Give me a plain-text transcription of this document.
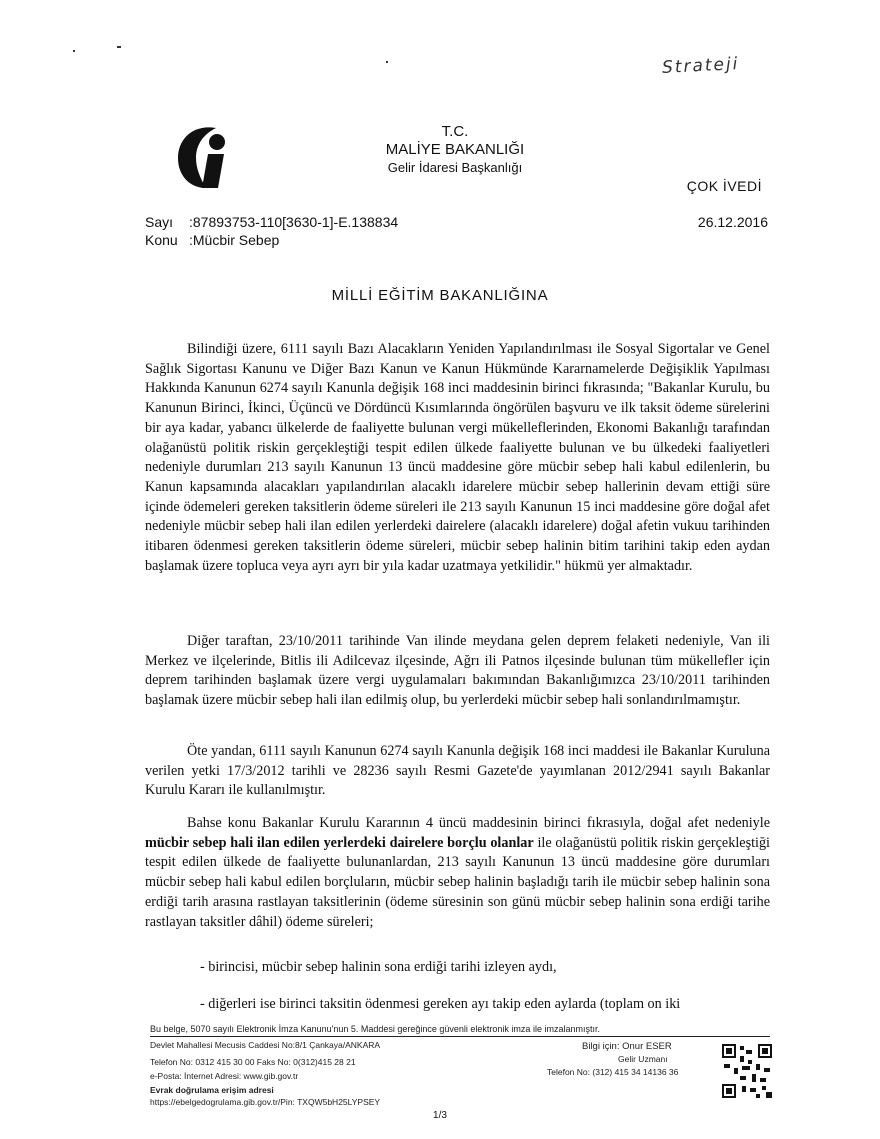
Strateji
T.C.
MALİYE BAKANLIĞI
Gelir İdaresi Başkanlığı
ÇOK İVEDİ
Sayı :87893753-110[3630-1]-E.138834
Konu :Mücbir Sebep
26.12.2016
MİLLİ EĞİTİM BAKANLIĞINA

Bilindiği üzere, 6111 sayılı Bazı Alacakların Yeniden Yapılandırılması ile Sosyal Sigortalar ve Genel Sağlık Sigortası Kanunu ve Diğer Bazı Kanun ve Kanun Hükmünde Kararnamelerde Değişiklik Yapılması Hakkında Kanunun 6274 sayılı Kanunla değişik 168 inci maddesinin birinci fıkrasında; "Bakanlar Kurulu, bu Kanunun Birinci, İkinci, Üçüncü ve Dördüncü Kısımlarında öngörülen başvuru ve ilk taksit ödeme sürelerini bir aya kadar, yabancı ülkelerde de faaliyette bulunan vergi mükelleflerinden, Ekonomi Bakanlığı tarafından olağanüstü politik riskin gerçekleştiği tespit edilen ülkede faaliyette bulunan ve bu ülkedeki faaliyetleri nedeniyle durumları 213 sayılı Kanunun 13 üncü maddesine göre mücbir sebep hali kabul edilenlerin, bu Kanun kapsamında alacakları yapılandırılan alacaklı idarelere mücbir sebep hallerinin devam ettiği süre içinde ödemeleri gereken taksitlerin ödeme süreleri ile 213 sayılı Kanunun 15 inci maddesine göre doğal afet nedeniyle mücbir sebep hali ilan edilen yerlerdeki dairelere (alacaklı idarelere) doğal afetin vukuu tarihinden itibaren ödenmesi gereken taksitlerin ödeme süreleri, mücbir sebep halinin bitim tarihini takip eden aydan başlamak üzere topluca veya ayrı ayrı bir yıla kadar uzatmaya yetkilidir." hükmü yer almaktadır.

Diğer taraftan, 23/10/2011 tarihinde Van ilinde meydana gelen deprem felaketi nedeniyle, Van ili Merkez ve ilçelerinde, Bitlis ili Adilcevaz ilçesinde, Ağrı ili Patnos ilçesinde bulunan tüm mükellefler için deprem tarihinden başlamak üzere vergi uygulamaları bakımından Bakanlığımızca 23/10/2011 tarihinden başlamak üzere mücbir sebep hali ilan edilmiş olup, bu yerlerdeki mücbir sebep hali sonlandırılmamıştır.

Öte yandan, 6111 sayılı Kanunun 6274 sayılı Kanunla değişik 168 inci maddesi ile Bakanlar Kuruluna verilen yetki 17/3/2012 tarihli ve 28236 sayılı Resmi Gazete'de yayımlanan 2012/2941 sayılı Bakanlar Kurulu Kararı ile kullanılmıştır.

Bahse konu Bakanlar Kurulu Kararının 4 üncü maddesinin birinci fıkrasıyla, doğal afet nedeniyle mücbir sebep hali ilan edilen yerlerdeki dairelere borçlu olanlar ile olağanüstü politik riskin gerçekleştiği tespit edilen ülkede de faaliyette bulunanlardan, 213 sayılı Kanunun 13 üncü maddesine göre durumları mücbir sebep hali kabul edilen borçluların, mücbir sebep halinin başladığı tarih ile mücbir sebep halinin sona erdiği tarih arasına rastlayan taksitlerinin (ödeme süresinin son günü mücbir sebep halinin sona erdiği tarihe rastlayan taksitler dâhil) ödeme süreleri;

- birincisi, mücbir sebep halinin sona erdiği tarihi izleyen aydı,
- diğerleri ise birinci taksitin ödenmesi gereken ayı takip eden aylarda (toplam on iki
Bu belge, 5070 sayılı Elektronik İmza Kanunu'nun 5. Maddesi gereğince güvenli elektronik imza ile imzalanmıştır.
Devlet Mahallesi Mecusis Caddesi No:8/1 Çankaya/ANKARA
Telefon No: 0312 415 30 00 Faks No: 0(312)415 28 21
e-Posta: İnternet Adresi: www.gib.gov.tr
Evrak doğrulama erişim adresi
https://ebelgedogrulama.gib.gov.tr/Pin: TXQW5bH25LYPSEY
Bilgi için: Onur ESER
Gelir Uzmanı
Telefon No: (312) 415 34 14136 36
1/3
